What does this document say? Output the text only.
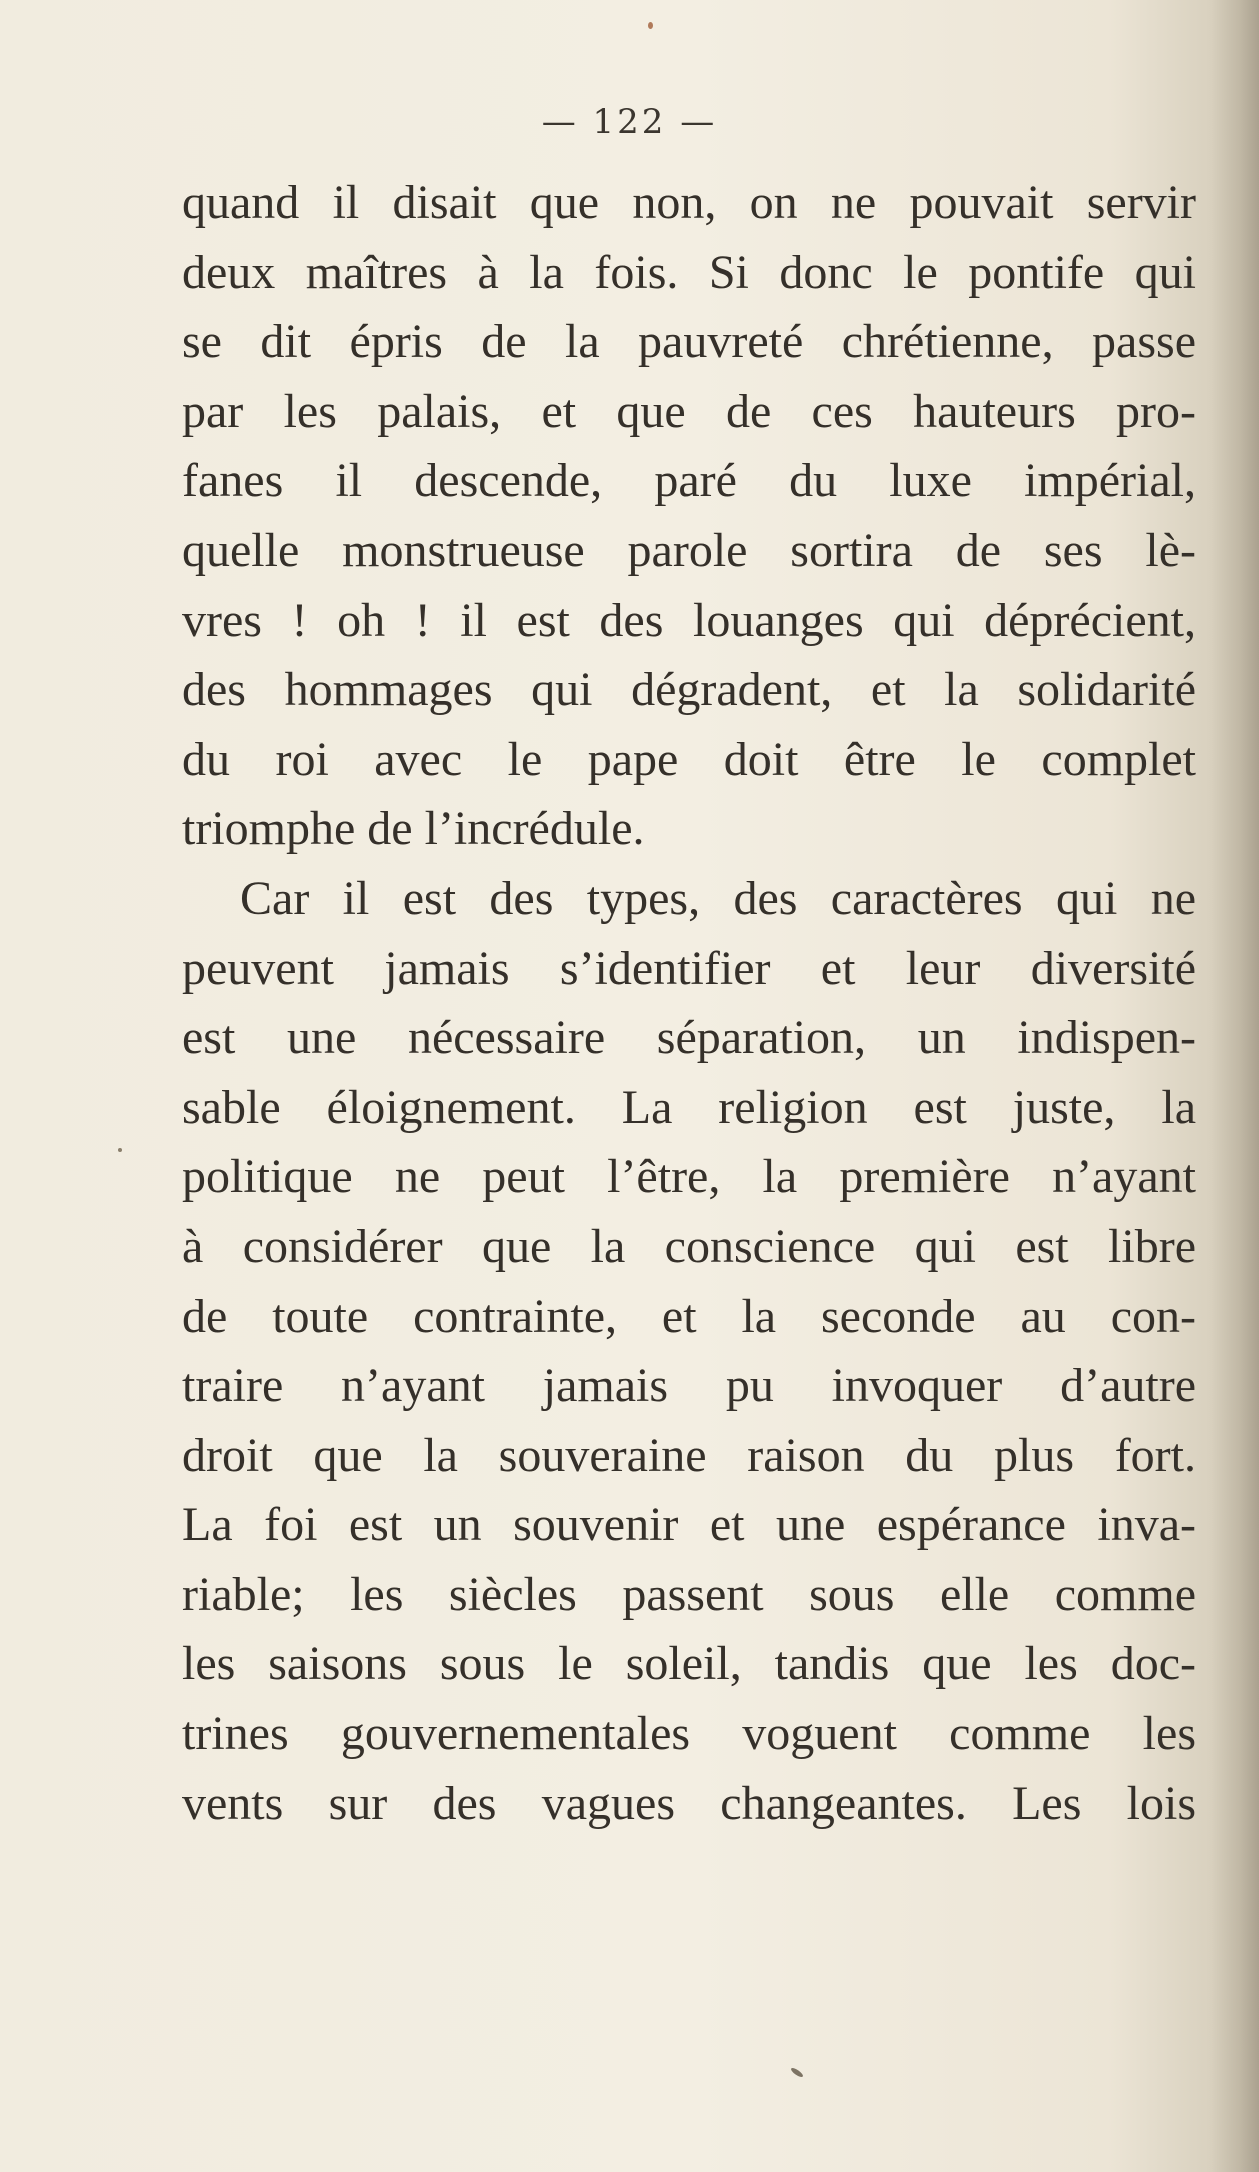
— 122 —
quand il disait que non, on ne pouvait servir
deux maîtres à la fois. Si donc le pontife qui
se dit épris de la pauvreté chrétienne, passe
par les palais, et que de ces hauteurs pro-
fanes il descende, paré du luxe impérial,
quelle monstrueuse parole sortira de ses lè-
vres ! oh ! il est des louanges qui déprécient,
des hommages qui dégradent, et la solidarité
du roi avec le pape doit être le complet
triomphe de l’incrédule.
Car il est des types, des caractères qui ne
peuvent jamais s’identifier et leur diversité
est une nécessaire séparation, un indispen-
sable éloignement. La religion est juste, la
politique ne peut l’être, la première n’ayant
à considérer que la conscience qui est libre
de toute contrainte, et la seconde au con-
traire n’ayant jamais pu invoquer d’autre
droit que la souveraine raison du plus fort.
La foi est un souvenir et une espérance inva-
riable; les siècles passent sous elle comme
les saisons sous le soleil, tandis que les doc-
trines gouvernementales voguent comme les
vents sur des vagues changeantes. Les lois
